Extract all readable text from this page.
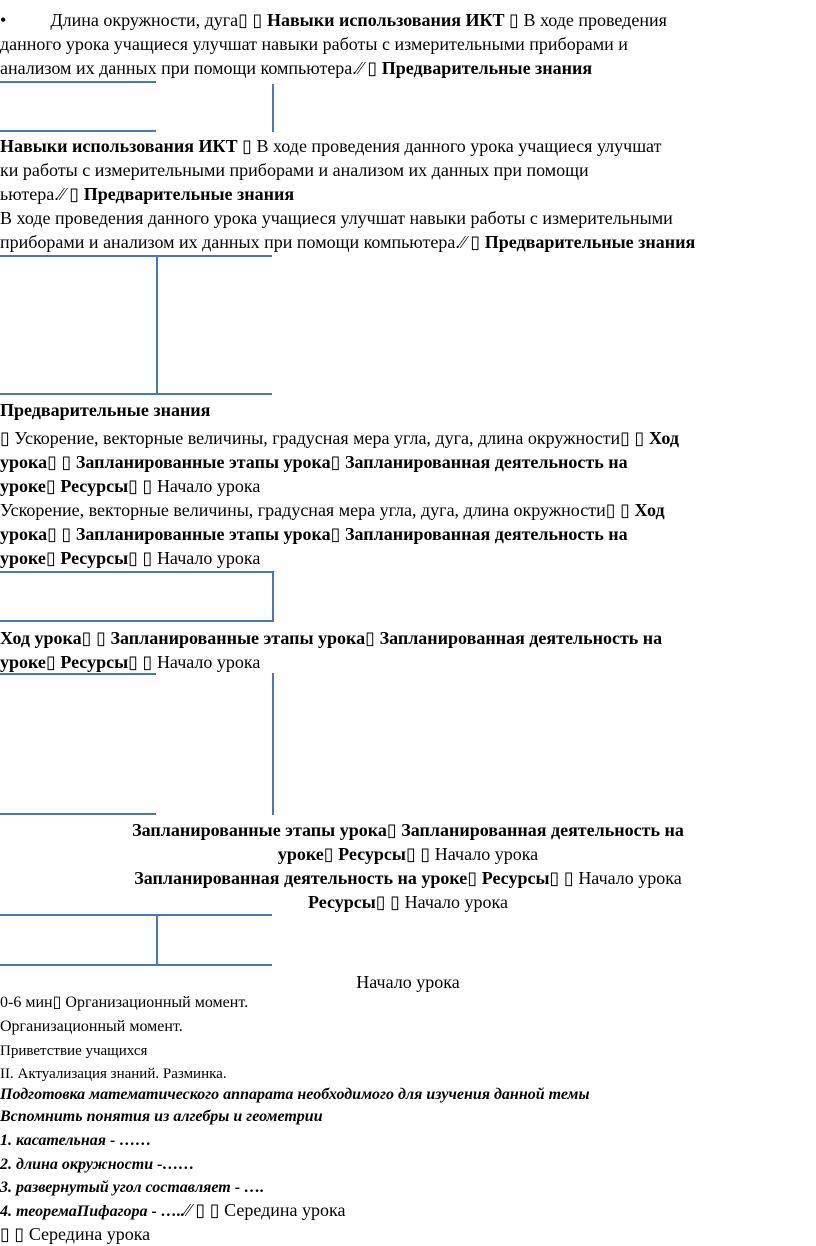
• Длина окружности, дуга▯ ▯ Навыки использования ИКТ ▯ В ходе проведения
данного урока учащиеся улучшат навыки работы с измерительными приборами и
анализом их данных при помощи компьютера.⁄⁄ ▯ Предварительные знания
Навыки использования ИКТ ▯ В ходе проведения данного урока учащиеся улучшат
ки работы с измерительными приборами и анализом их данных при помощи
ьютера.⁄⁄ ▯ Предварительные знания
В ходе проведения данного урока учащиеся улучшат навыки работы с измерительными
приборами и анализом их данных при помощи компьютера.⁄⁄ ▯ Предварительные знания
Предварительные знания
▯ Ускорение, векторные величины, градусная мера угла, дуга, длина окружности▯ ▯ Ход
урока▯ ▯ Запланированные этапы урока▯ Запланированная деятельность на
уроке▯ Ресурсы▯ ▯ Начало урока
Ускорение, векторные величины, градусная мера угла, дуга, длина окружности▯ ▯ Ход
урока▯ ▯ Запланированные этапы урока▯ Запланированная деятельность на
уроке▯ Ресурсы▯ ▯ Начало урока
Ход урока▯ ▯ Запланированные этапы урока▯ Запланированная деятельность на
уроке▯ Ресурсы▯ ▯ Начало урока
Запланированные этапы урока▯ Запланированная деятельность на
уроке▯ Ресурсы▯ ▯ Начало урока
Запланированная деятельность на уроке▯ Ресурсы▯ ▯ Начало урока
Ресурсы▯ ▯ Начало урока
Начало урока
0-6 мин▯ Организационный момент.
Организационный момент.
Приветствие учащихся
II. Актуализация знаний. Разминка.
Подготовка математического аппарата необходимого для изучения данной темы
Вспомнить понятия из алгебры и геометрии
1. касательная - ……
2. длина окружности -……
3. развернутый угол составляет - ….
4. теоремаПифагора - …..⁄⁄ ▯ ▯ Середина урока
▯ ▯ Середина урока
